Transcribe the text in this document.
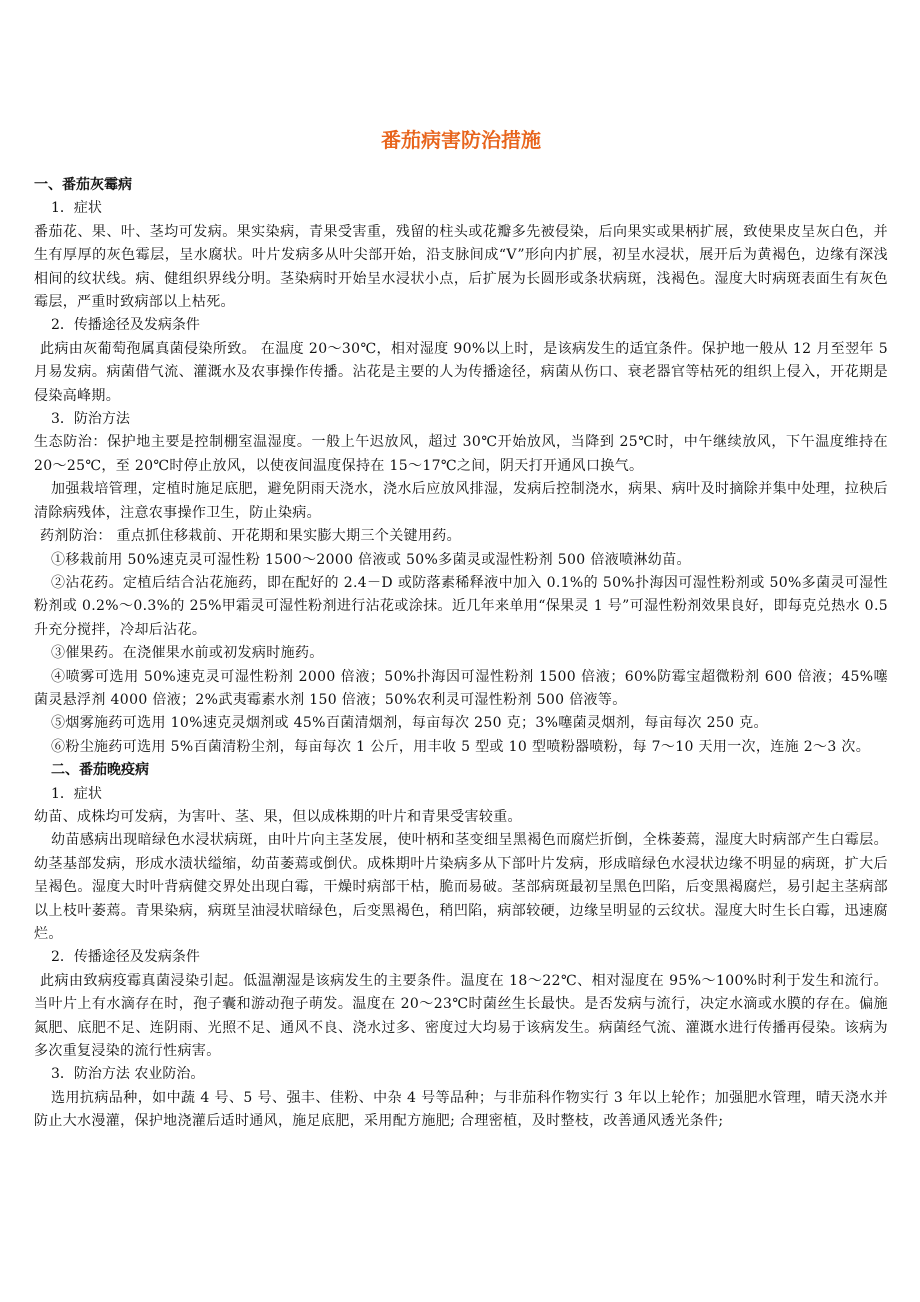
番茄病害防治措施
一、番茄灰霉病
1．症状

番茄花、果、叶、茎均可发病。果实染病，青果受害重，残留的柱头或花瓣多先被侵染，后向果实或果柄扩展，致使果皮呈灰白色，并生有厚厚的灰色霉层，呈水腐状。叶片发病多从叶尖部开始，沿支脉间成“V”形向内扩展，初呈水浸状，展开后为黄褐色，边缘有深浅相间的纹状线。病、健组织界线分明。茎染病时开始呈水浸状小点，后扩展为长圆形或条状病斑，浅褐色。湿度大时病斑表面生有灰色霉层，严重时致病部以上枯死。

2．传播途径及发病条件

此病由灰葡萄孢属真菌侵染所致。 在温度 20～30℃，相对湿度 90%以上时，是该病发生的适宜条件。保护地一般从 12 月至翌年 5 月易发病。病菌借气流、灌溉水及农事操作传播。沾花是主要的人为传播途径，病菌从伤口、衰老器官等枯死的组织上侵入，开花期是侵染高峰期。

3．防治方法

生态防治：保护地主要是控制棚室温湿度。一般上午迟放风，超过 30℃开始放风，当降到 25℃时，中午继续放风，下午温度维持在 20～25℃，至 20℃时停止放风，以使夜间温度保持在 15～17℃之间，阴天打开通风口换气。

加强栽培管理，定植时施足底肥，避免阴雨天浇水，浇水后应放风排湿，发病后控制浇水，病果、病叶及时摘除并集中处理，拉秧后清除病残体，注意农事操作卫生，防止染病。

药剂防治： 重点抓住移栽前、开花期和果实膨大期三个关键用药。

①移栽前用 50%速克灵可湿性粉 1500～2000 倍液或 50%多菌灵或湿性粉剂 500 倍液喷淋幼苗。

②沾花药。定植后结合沾花施药，即在配好的 2.4－D 或防落素稀释液中加入 0.1%的 50%扑海因可湿性粉剂或 50%多菌灵可湿性粉剂或 0.2%～0.3%的 25%甲霜灵可湿性粉剂进行沾花或涂抹。近几年来单用“保果灵 1 号”可湿性粉剂效果良好，即每克兑热水 0.5 升充分搅拌，冷却后沾花。

③催果药。在浇催果水前或初发病时施药。

④喷雾可选用 50%速克灵可湿性粉剂 2000 倍液；50%扑海因可湿性粉剂 1500 倍液；60%防霉宝超微粉剂 600 倍液；45%噻菌灵悬浮剂 4000 倍液；2%武夷霉素水剂 150 倍液；50%农利灵可湿性粉剂 500 倍液等。

⑤烟雾施药可选用 10%速克灵烟剂或 45%百菌清烟剂，每亩每次 250 克；3%噻菌灵烟剂，每亩每次 250 克。

⑥粉尘施药可选用 5%百菌清粉尘剂，每亩每次 1 公斤，用丰收 5 型或 10 型喷粉器喷粉，每 7～10 天用一次，连施 2～3 次。

二、番茄晚疫病
1．症状

幼苗、成株均可发病，为害叶、茎、果，但以成株期的叶片和青果受害较重。

幼苗感病出现暗绿色水浸状病斑，由叶片向主茎发展，使叶柄和茎变细呈黑褐色而腐烂折倒，全株萎蔫，湿度大时病部产生白霉层。幼茎基部发病，形成水渍状缢缩，幼苗萎蔫或倒伏。成株期叶片染病多从下部叶片发病，形成暗绿色水浸状边缘不明显的病斑，扩大后呈褐色。湿度大时叶背病健交界处出现白霉，干燥时病部干枯，脆而易破。茎部病斑最初呈黑色凹陷，后变黑褐腐烂，易引起主茎病部以上枝叶萎蔫。青果染病，病斑呈油浸状暗绿色，后变黑褐色，稍凹陷，病部较硬，边缘呈明显的云纹状。湿度大时生长白霉，迅速腐烂。

2．传播途径及发病条件

此病由致病疫霉真菌浸染引起。低温潮湿是该病发生的主要条件。温度在 18～22℃、相对湿度在 95%～100%时利于发生和流行。当叶片上有水滴存在时，孢子囊和游动孢子萌发。温度在 20～23℃时菌丝生长最快。是否发病与流行，决定水滴或水膜的存在。偏施氮肥、底肥不足、连阴雨、光照不足、通风不良、浇水过多、密度过大均易于该病发生。病菌经气流、灌溉水进行传播再侵染。该病为多次重复浸染的流行性病害。

3．防治方法 农业防治。

选用抗病品种，如中蔬 4 号、5 号、强丰、佳粉、中杂 4 号等品种；与非茄科作物实行 3 年以上轮作；加强肥水管理，晴天浇水并防止大水漫灌，保护地浇灌后适时通风，施足底肥，采用配方施肥; 合理密植，及时整枝，改善通风透光条件;
